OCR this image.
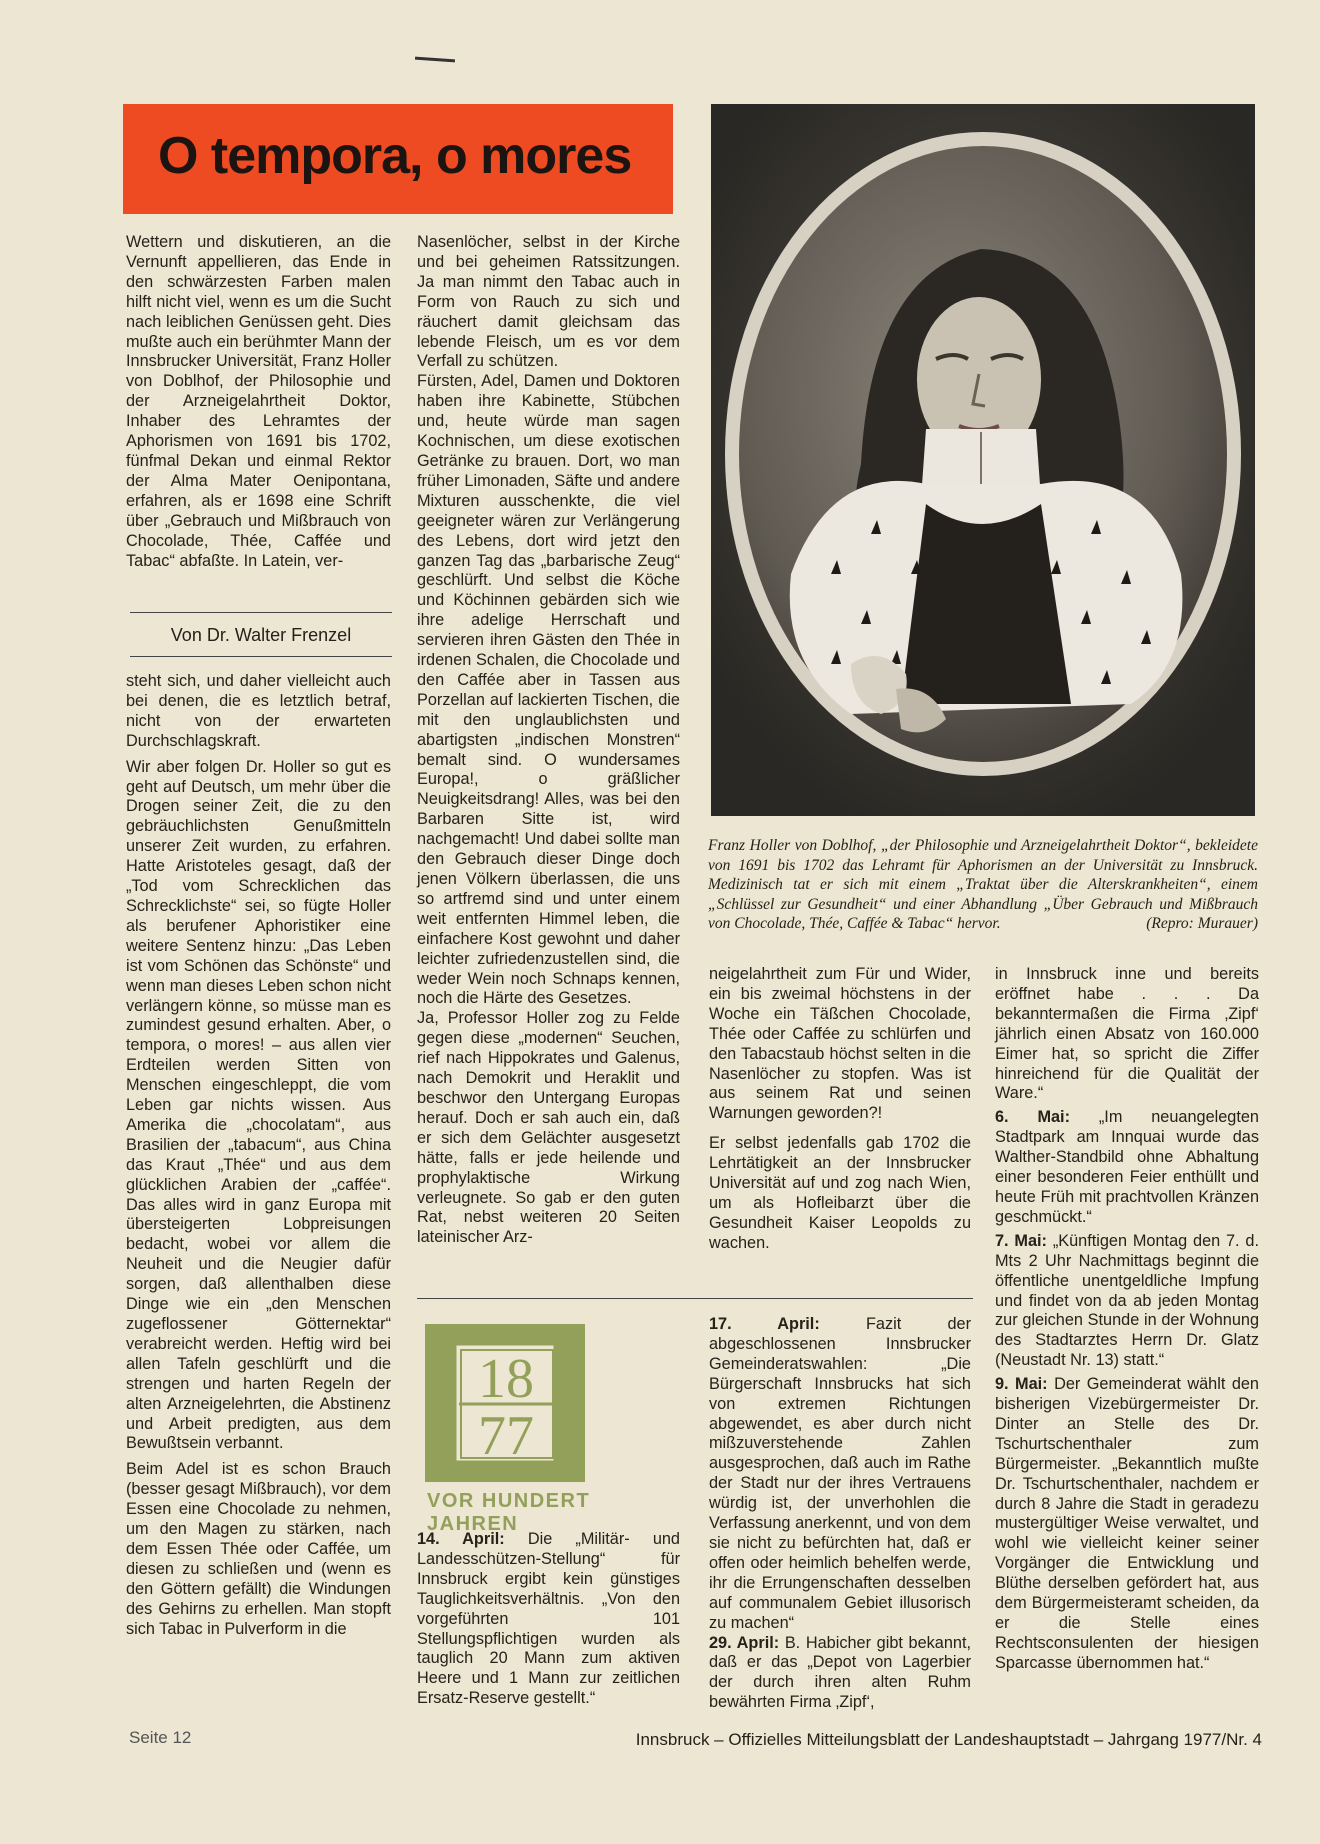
O tempora, o mores

Wettern und diskutieren, an die Vernunft appellieren, das Ende in den schwärzesten Farben malen hilft nicht viel, wenn es um die Sucht nach leiblichen Genüssen geht. Dies mußte auch ein berühmter Mann der Innsbrucker Universität, Franz Holler von Doblhof, der Philosophie und der Arzneigelahrtheit Doktor, Inhaber des Lehramtes der Aphorismen von 1691 bis 1702, fünfmal Dekan und einmal Rektor der Alma Mater Oenipontana, erfahren, als er 1698 eine Schrift über „Gebrauch und Mißbrauch von Chocolade, Thée, Caffée und Tabac“ abfaßte. In Latein, ver-

Von Dr. Walter Frenzel

steht sich, und daher vielleicht auch bei denen, die es letztlich betraf, nicht von der erwarteten Durchschlagskraft.

Wir aber folgen Dr. Holler so gut es geht auf Deutsch, um mehr über die Drogen seiner Zeit, die zu den gebräuchlichsten Genußmitteln unserer Zeit wurden, zu erfahren. Hatte Aristoteles gesagt, daß der „Tod vom Schrecklichen das Schrecklichste“ sei, so fügte Holler als berufener Aphoristiker eine weitere Sentenz hinzu: „Das Leben ist vom Schönen das Schönste“ und wenn man dieses Leben schon nicht verlängern könne, so müsse man es zumindest gesund erhalten. Aber, o tempora, o mores! – aus allen vier Erdteilen werden Sitten von Menschen eingeschleppt, die vom Leben gar nichts wissen. Aus Amerika die „chocolatam“, aus Brasilien der „tabacum“, aus China das Kraut „Thée“ und aus dem glücklichen Arabien der „caffée“. Das alles wird in ganz Europa mit übersteigerten Lobpreisungen bedacht, wobei vor allem die Neuheit und die Neugier dafür sorgen, daß allenthalben diese Dinge wie ein „den Menschen zugeflossener Götternektar“ verabreicht werden. Heftig wird bei allen Tafeln geschlürft und die strengen und harten Regeln der alten Arzneigelehrten, die Abstinenz und Arbeit predigten, aus dem Bewußtsein verbannt.

Beim Adel ist es schon Brauch (besser gesagt Mißbrauch), vor dem Essen eine Chocolade zu nehmen, um den Magen zu stärken, nach dem Essen Thée oder Caffée, um diesen zu schließen und (wenn es den Göttern gefällt) die Windungen des Gehirns zu erhellen. Man stopft sich Tabac in Pulverform in die

Nasenlöcher, selbst in der Kirche und bei geheimen Ratssitzungen. Ja man nimmt den Tabac auch in Form von Rauch zu sich und räuchert damit gleichsam das lebende Fleisch, um es vor dem Verfall zu schützen.

Fürsten, Adel, Damen und Doktoren haben ihre Kabinette, Stübchen und, heute würde man sagen Kochnischen, um diese exotischen Getränke zu brauen. Dort, wo man früher Limonaden, Säfte und andere Mixturen ausschenkte, die viel geeigneter wären zur Verlängerung des Lebens, dort wird jetzt den ganzen Tag das „barbarische Zeug“ geschlürft. Und selbst die Köche und Köchinnen gebärden sich wie ihre adelige Herrschaft und servieren ihren Gästen den Thée in irdenen Schalen, die Chocolade und den Caffée aber in Tassen aus Porzellan auf lackierten Tischen, die mit den unglaublichsten und abartigsten „indischen Monstren“ bemalt sind. O wundersames Europa!, o gräßlicher Neuigkeitsdrang! Alles, was bei den Barbaren Sitte ist, wird nachgemacht! Und dabei sollte man den Gebrauch dieser Dinge doch jenen Völkern überlassen, die uns so artfremd sind und unter einem weit entfernten Himmel leben, die einfachere Kost gewohnt und daher leichter zufriedenzustellen sind, die weder Wein noch Schnaps kennen, noch die Härte des Gesetzes.

Ja, Professor Holler zog zu Felde gegen diese „modernen“ Seuchen, rief nach Hippokrates und Galenus, nach Demokrit und Heraklit und beschwor den Untergang Europas herauf. Doch er sah auch ein, daß er sich dem Gelächter ausgesetzt hätte, falls er jede heilende und prophylaktische Wirkung verleugnete. So gab er den guten Rat, nebst weiteren 20 Seiten lateinischer Arz-

Franz Holler von Doblhof, „der Philosophie und Arzneigelahrtheit Doktor“, bekleidete von 1691 bis 1702 das Lehramt für Aphorismen an der Universität zu Innsbruck. Medizinisch tat er sich mit einem „Traktat über die Alterskrankheiten“, einem „Schlüssel zur Gesundheit“ und einer Abhandlung „Über Gebrauch und Mißbrauch von Chocolade, Thée, Caffée & Tabac“ hervor.	(Repro: Murauer)

neigelahrtheit zum Für und Wider, ein bis zweimal höchstens in der Woche ein Täßchen Chocolade, Thée oder Caffée zu schlürfen und den Tabacstaub höchst selten in die Nasenlöcher zu stopfen. Was ist aus seinem Rat und seinen Warnungen geworden?!

Er selbst jedenfalls gab 1702 die Lehrtätigkeit an der Innsbrucker Universität auf und zog nach Wien, um als Hofleibarzt über die Gesundheit Kaiser Leopolds zu wachen.

in Innsbruck inne und bereits eröffnet habe . . . Da bekanntermaßen die Firma ‚Zipf‘ jährlich einen Absatz von 160.000 Eimer hat, so spricht die Ziffer hinreichend für die Qualität der Ware.“

6. Mai: „Im neuangelegten Stadtpark am Innquai wurde das Walther-Standbild ohne Abhaltung einer besonderen Feier enthüllt und heute Früh mit prachtvollen Kränzen geschmückt.“

7. Mai: „Künftigen Montag den 7. d. Mts 2 Uhr Nachmittags beginnt die öffentliche unentgeldliche Impfung und findet von da ab jeden Montag zur gleichen Stunde in der Wohnung des Stadtarztes Herrn Dr. Glatz (Neustadt Nr. 13) statt.“

9. Mai: Der Gemeinderat wählt den bisherigen Vizebürgermeister Dr. Dinter an Stelle des Dr. Tschurtschenthaler zum Bürgermeister. „Bekanntlich mußte Dr. Tschurtschenthaler, nachdem er durch 8 Jahre die Stadt in geradezu mustergültiger Weise verwaltet, und wohl wie vielleicht keiner seiner Vorgänger die Entwicklung und Blüthe derselben gefördert hat, aus dem Bürgermeisteramt scheiden, da er die Stelle eines Rechtsconsulenten der hiesigen Sparcasse übernommen hat.“

18
77
VOR HUNDERT JAHREN

14. April: Die „Militär- und Landesschützen-Stellung“ für Innsbruck ergibt kein günstiges Tauglichkeitsverhältnis. „Von den vorgeführten 101 Stellungspflichtigen wurden als tauglich 20 Mann zum aktiven Heere und 1 Mann zur zeitlichen Ersatz-Reserve gestellt.“

17. April: Fazit der abgeschlossenen Innsbrucker Gemeinderatswahlen: „Die Bürgerschaft Innsbrucks hat sich von extremen Richtungen abgewendet, es aber durch nicht mißzuverstehende Zahlen ausgesprochen, daß auch im Rathe der Stadt nur der ihres Vertrauens würdig ist, der unverhohlen die Verfassung anerkennt, und von dem sie nicht zu befürchten hat, daß er offen oder heimlich behelfen werde, ihr die Errungenschaften desselben auf communalem Gebiet illusorisch zu machen“

29. April: B. Habicher gibt bekannt, daß er das „Depot von Lagerbier der durch ihren alten Ruhm bewährten Firma ‚Zipf‘,

Seite 12	Innsbruck – Offizielles Mitteilungsblatt der Landeshauptstadt – Jahrgang 1977/Nr. 4
